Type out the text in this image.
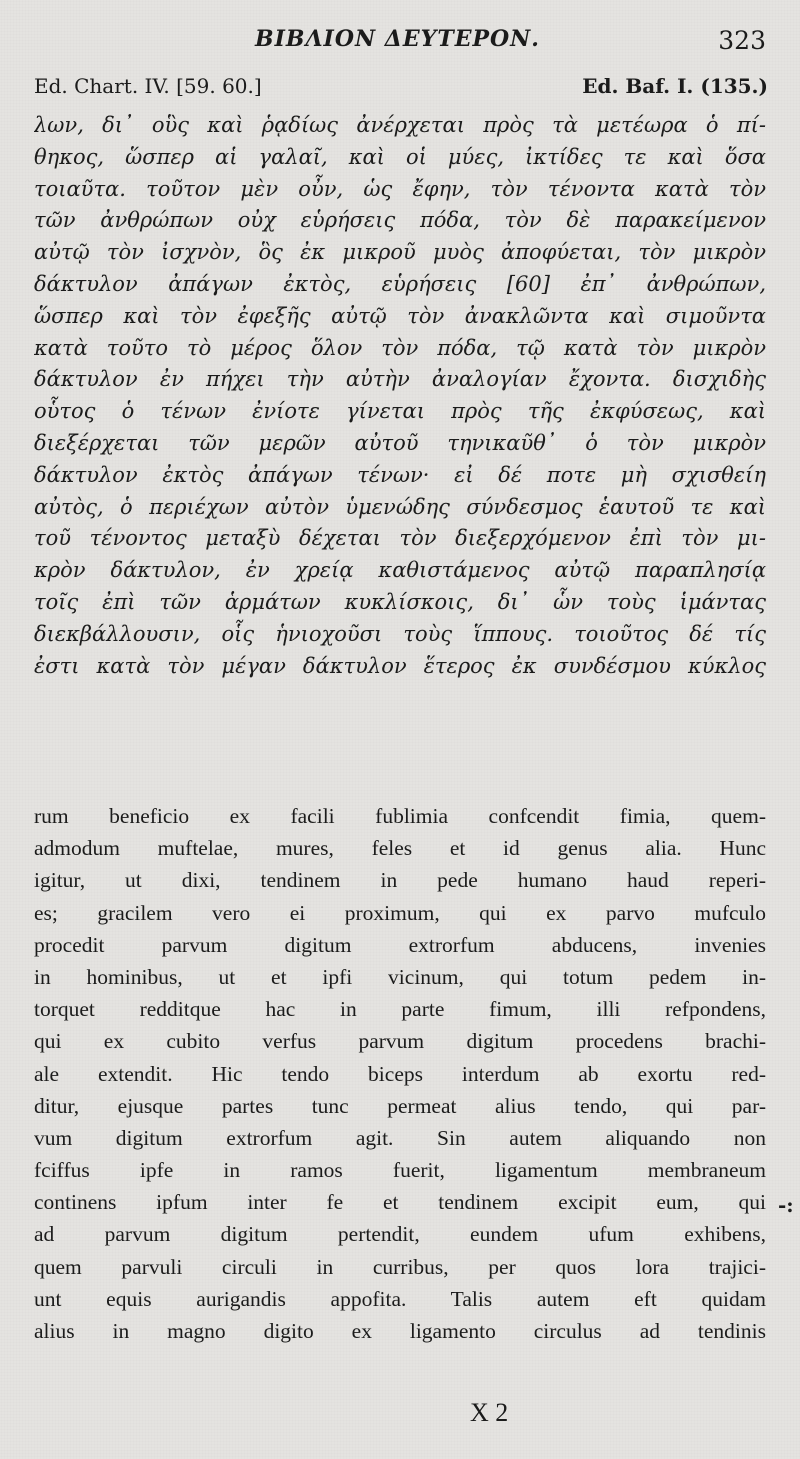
ΒΙΒΛΙΟΝ ΔΕΥΤΕΡΟΝ.	323
Ed. Chart. IV. [59. 60.]	Ed. Baf. I. (135.)
λων, δι᾽ οὓς καὶ ῥᾳδίως ἀνέρχεται πρὸς τὰ μετέωρα ὁ πί-
θηκος, ὥσπερ αἱ γαλαῖ, καὶ οἱ μύες, ἰκτίδες τε καὶ ὅσα
τοιαῦτα. τοῦτον μὲν οὖν, ὡς ἔφην, τὸν τένοντα κατὰ τὸν
τῶν ἀνθρώπων οὐχ εὑρήσεις πόδα, τὸν δὲ παρακείμενον
αὐτῷ τὸν ἰσχνὸν, ὃς ἐκ μικροῦ μυὸς ἀποφύεται, τὸν μικρὸν
δάκτυλον ἀπάγων ἐκτὸς, εὑρήσεις [60] ἐπ᾽ ἀνθρώπων,
ὥσπερ καὶ τὸν ἐφεξῆς αὐτῷ τὸν ἀνακλῶντα καὶ σιμοῦντα
κατὰ τοῦτο τὸ μέρος ὅλον τὸν πόδα, τῷ κατὰ τὸν μικρὸν
δάκτυλον ἐν πήχει τὴν αὐτὴν ἀναλογίαν ἔχοντα. δισχιδὴς
οὗτος ὁ τένων ἐνίοτε γίνεται πρὸς τῆς ἐκφύσεως, καὶ
διεξέρχεται τῶν μερῶν αὐτοῦ τηνικαῦθ᾽ ὁ τὸν μικρὸν
δάκτυλον ἐκτὸς ἀπάγων τένων· εἰ δέ ποτε μὴ σχισθείη
αὐτὸς, ὁ περιέχων αὐτὸν ὑμενώδης σύνδεσμος ἑαυτοῦ τε καὶ
τοῦ τένοντος μεταξὺ δέχεται τὸν διεξερχόμενον ἐπὶ τὸν μι-
κρὸν δάκτυλον, ἐν χρείᾳ καθιστάμενος αὐτῷ παραπλησίᾳ
τοῖς ἐπὶ τῶν ἁρμάτων κυκλίσκοις, δι᾽ ὧν τοὺς ἱμάντας
διεκβάλλουσιν, οἷς ἡνιοχοῦσι τοὺς ἵππους. τοιοῦτος δέ τίς
ἐστι κατὰ τὸν μέγαν δάκτυλον ἕτερος ἐκ συνδέσμου κύκλος
rum beneficio ex facili fublimia confcendit fimia, quem-
admodum muftelae, mures, feles et id genus alia. Hunc
igitur, ut dixi, tendinem in pede humano haud reperi-
es; gracilem vero ei proximum, qui ex parvo mufculo
procedit parvum digitum extrorfum abducens, invenies
in hominibus, ut et ipfi vicinum, qui totum pedem in-
torquet redditque hac in parte fimum, illi refpondens,
qui ex cubito verfus parvum digitum procedens brachi-
ale extendit. Hic tendo biceps interdum ab exortu red-
ditur, ejusque partes tunc permeat alius tendo, qui par-
vum digitum extrorfum agit. Sin autem aliquando non
fciffus ipfe in ramos fuerit, ligamentum membraneum
continens ipfum inter fe et tendinem excipit eum, qui
ad parvum digitum pertendit, eundem ufum exhibens,
quem parvuli circuli in curribus, per quos lora trajici-
unt equis aurigandis appofita. Talis autem eft quidam
alius in magno digito ex ligamento circulus ad tendinis
-:
X 2
